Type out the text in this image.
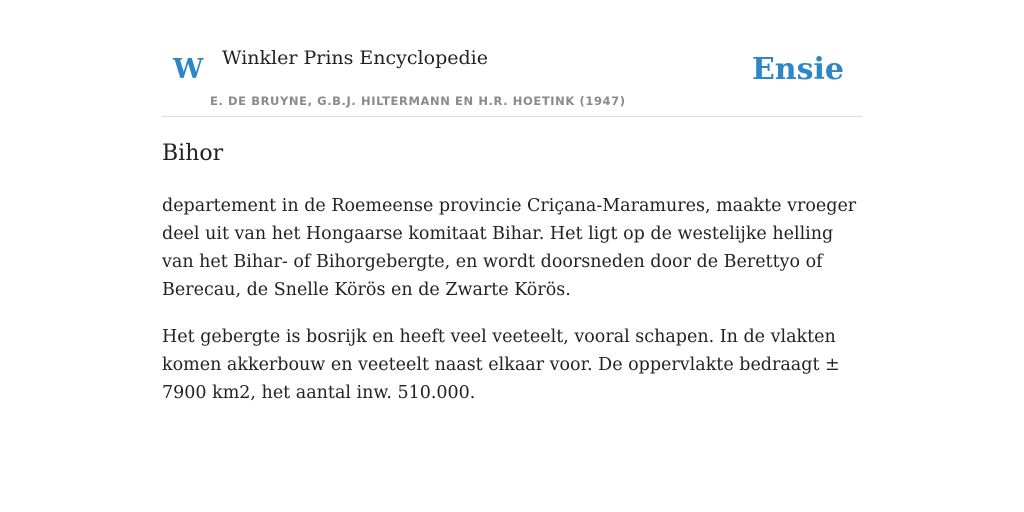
W Winkler Prins Encyclopedie
E. DE BRUYNE, G.B.J. HILTERMANN EN H.R. HOETINK (1947)
Ensie
Bihor

departement in de Roemeense provincie Criçana-Maramures, maakte vroeger deel uit van het Hongaarse komitaat Bihar. Het ligt op de westelijke helling van het Bihar- of Bihorgebergte, en wordt doorsneden door de Berettyo of Berecau, de Snelle Körös en de Zwarte Körös.

Het gebergte is bosrijk en heeft veel veeteelt, vooral schapen. In de vlakten komen akkerbouw en veeteelt naast elkaar voor. De oppervlakte bedraagt ± 7900 km2, het aantal inw. 510.000.
